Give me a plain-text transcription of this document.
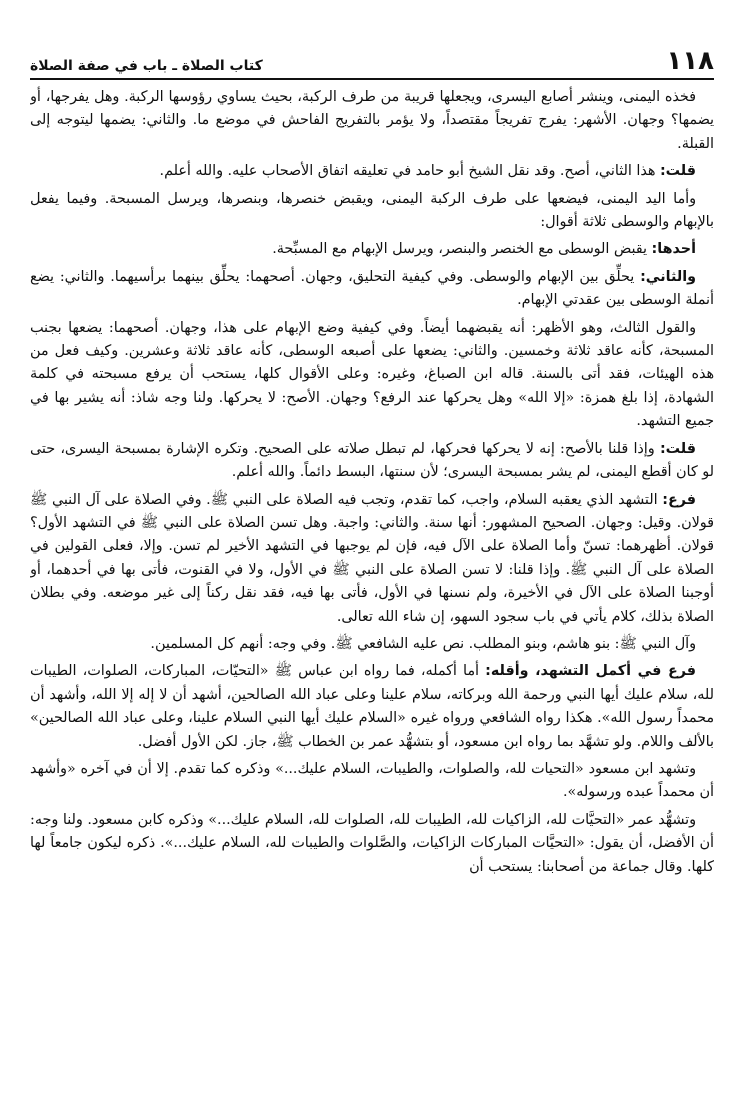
١١٨
كتاب الصلاة ـ باب في صفة الصلاة

فخذه اليمنى، وينشر أصابع اليسرى، ويجعلها قريبة من طرف الركبة، بحيث يساوي رؤوسها الركبة. وهل يفرجها، أو يضمها؟ وجهان. الأشهر: يفرج تفريجاً مقتصداً، ولا يؤمر بالتفريج الفاحش في موضع ما. والثاني: يضمها ليتوجه إلى القبلة.

قلت: هذا الثاني، أصح. وقد نقل الشيخ أبو حامد في تعليقه اتفاق الأصحاب عليه. والله أعلم.

وأما اليد اليمنى، فيضعها على طرف الركبة اليمنى، ويقبض خنصرها، وبنصرها، ويرسل المسبحة. وفيما يفعل بالإبهام والوسطى ثلاثة أقوال:

أحدها: يقبض الوسطى مع الخنصر والبنصر، ويرسل الإبهام مع المسبِّحة.

والثاني: يحلِّق بين الإبهام والوسطى. وفي كيفية التحليق، وجهان. أصحهما: يحلِّق بينهما برأسيهما. والثاني: يضع أنملة الوسطى بين عقدتي الإبهام.

والقول الثالث، وهو الأظهر: أنه يقبضهما أيضاً. وفي كيفية وضع الإبهام على هذا، وجهان. أصحهما: يضعها بجنب المسبحة، كأنه عاقد ثلاثة وخمسين. والثاني: يضعها على أصبعه الوسطى، كأنه عاقد ثلاثة وعشرين. وكيف فعل من هذه الهيئات، فقد أتى بالسنة. قاله ابن الصباغ، وغيره: وعلى الأقوال كلها، يستحب أن يرفع مسبحته في كلمة الشهادة، إذا بلغ همزة: «إلا الله» وهل يحركها عند الرفع؟ وجهان. الأصح: لا يحركها. ولنا وجه شاذ: أنه يشير بها في جميع التشهد.

قلت: وإذا قلنا بالأصح: إنه لا يحركها فحركها، لم تبطل صلاته على الصحيح. وتكره الإشارة بمسبحة اليسرى، حتى لو كان أقطع اليمنى، لم يشر بمسبحة اليسرى؛ لأن سنتها، البسط دائماً. والله أعلم.

فرع: التشهد الذي يعقبه السلام، واجب، كما تقدم، وتجب فيه الصلاة على النبي ﷺ. وفي الصلاة على آل النبي ﷺ قولان. وقيل: وجهان. الصحيح المشهور: أنها سنة. والثاني: واجبة. وهل تسن الصلاة على النبي ﷺ في التشهد الأول؟ قولان. أظهرهما: تسنّ وأما الصلاة على الآل فيه، فإن لم يوجبها في التشهد الأخير لم تسن. وإلا، فعلى القولين في الصلاة على آل النبي ﷺ. وإذا قلنا: لا تسن الصلاة على النبي ﷺ في الأول، ولا في القنوت، فأتى بها في أحدهما، أو أوجبنا الصلاة على الآل في الأخيرة، ولم نسنها في الأول، فأتى بها فيه، فقد نقل ركناً إلى غير موضعه. وفي بطلان الصلاة بذلك، كلام يأتي في باب سجود السهو، إن شاء الله تعالى.

وآل النبي ﷺ: بنو هاشم، وبنو المطلب. نص عليه الشافعي ﷺ. وفي وجه: أنهم كل المسلمين.

فرع في أكمل التشهد، وأقله: أما أكمله، فما رواه ابن عباس ﷺ «التحيّات، المباركات، الصلوات، الطيبات لله، سلام عليك أيها النبي ورحمة الله وبركاته، سلام علينا وعلى عباد الله الصالحين، أشهد أن لا إله إلا الله، وأشهد أن محمداً رسول الله». هكذا رواه الشافعي ورواه غيره «السلام عليك أيها النبي السلام علينا، وعلى عباد الله الصالحين» بالألف واللام. ولو تشهَّد بما رواه ابن مسعود، أو بتشهُّد عمر بن الخطاب ﷺ، جاز. لكن الأول أفضل.

وتشهد ابن مسعود «التحيات لله، والصلوات، والطيبات، السلام عليك...» وذكره كما تقدم. إلا أن في آخره «وأشهد أن محمداً عبده ورسوله».

وتشهُّد عمر «التحيَّات لله، الزاكيات لله، الطيبات لله، الصلوات لله، السلام عليك...» وذكره كابن مسعود. ولنا وجه: أن الأفضل، أن يقول: «التحيَّات المباركات الزاكيات، والصَّلوات والطيبات لله، السلام عليك...». ذكره ليكون جامعاً لها كلها. وقال جماعة من أصحابنا: يستحب أن
